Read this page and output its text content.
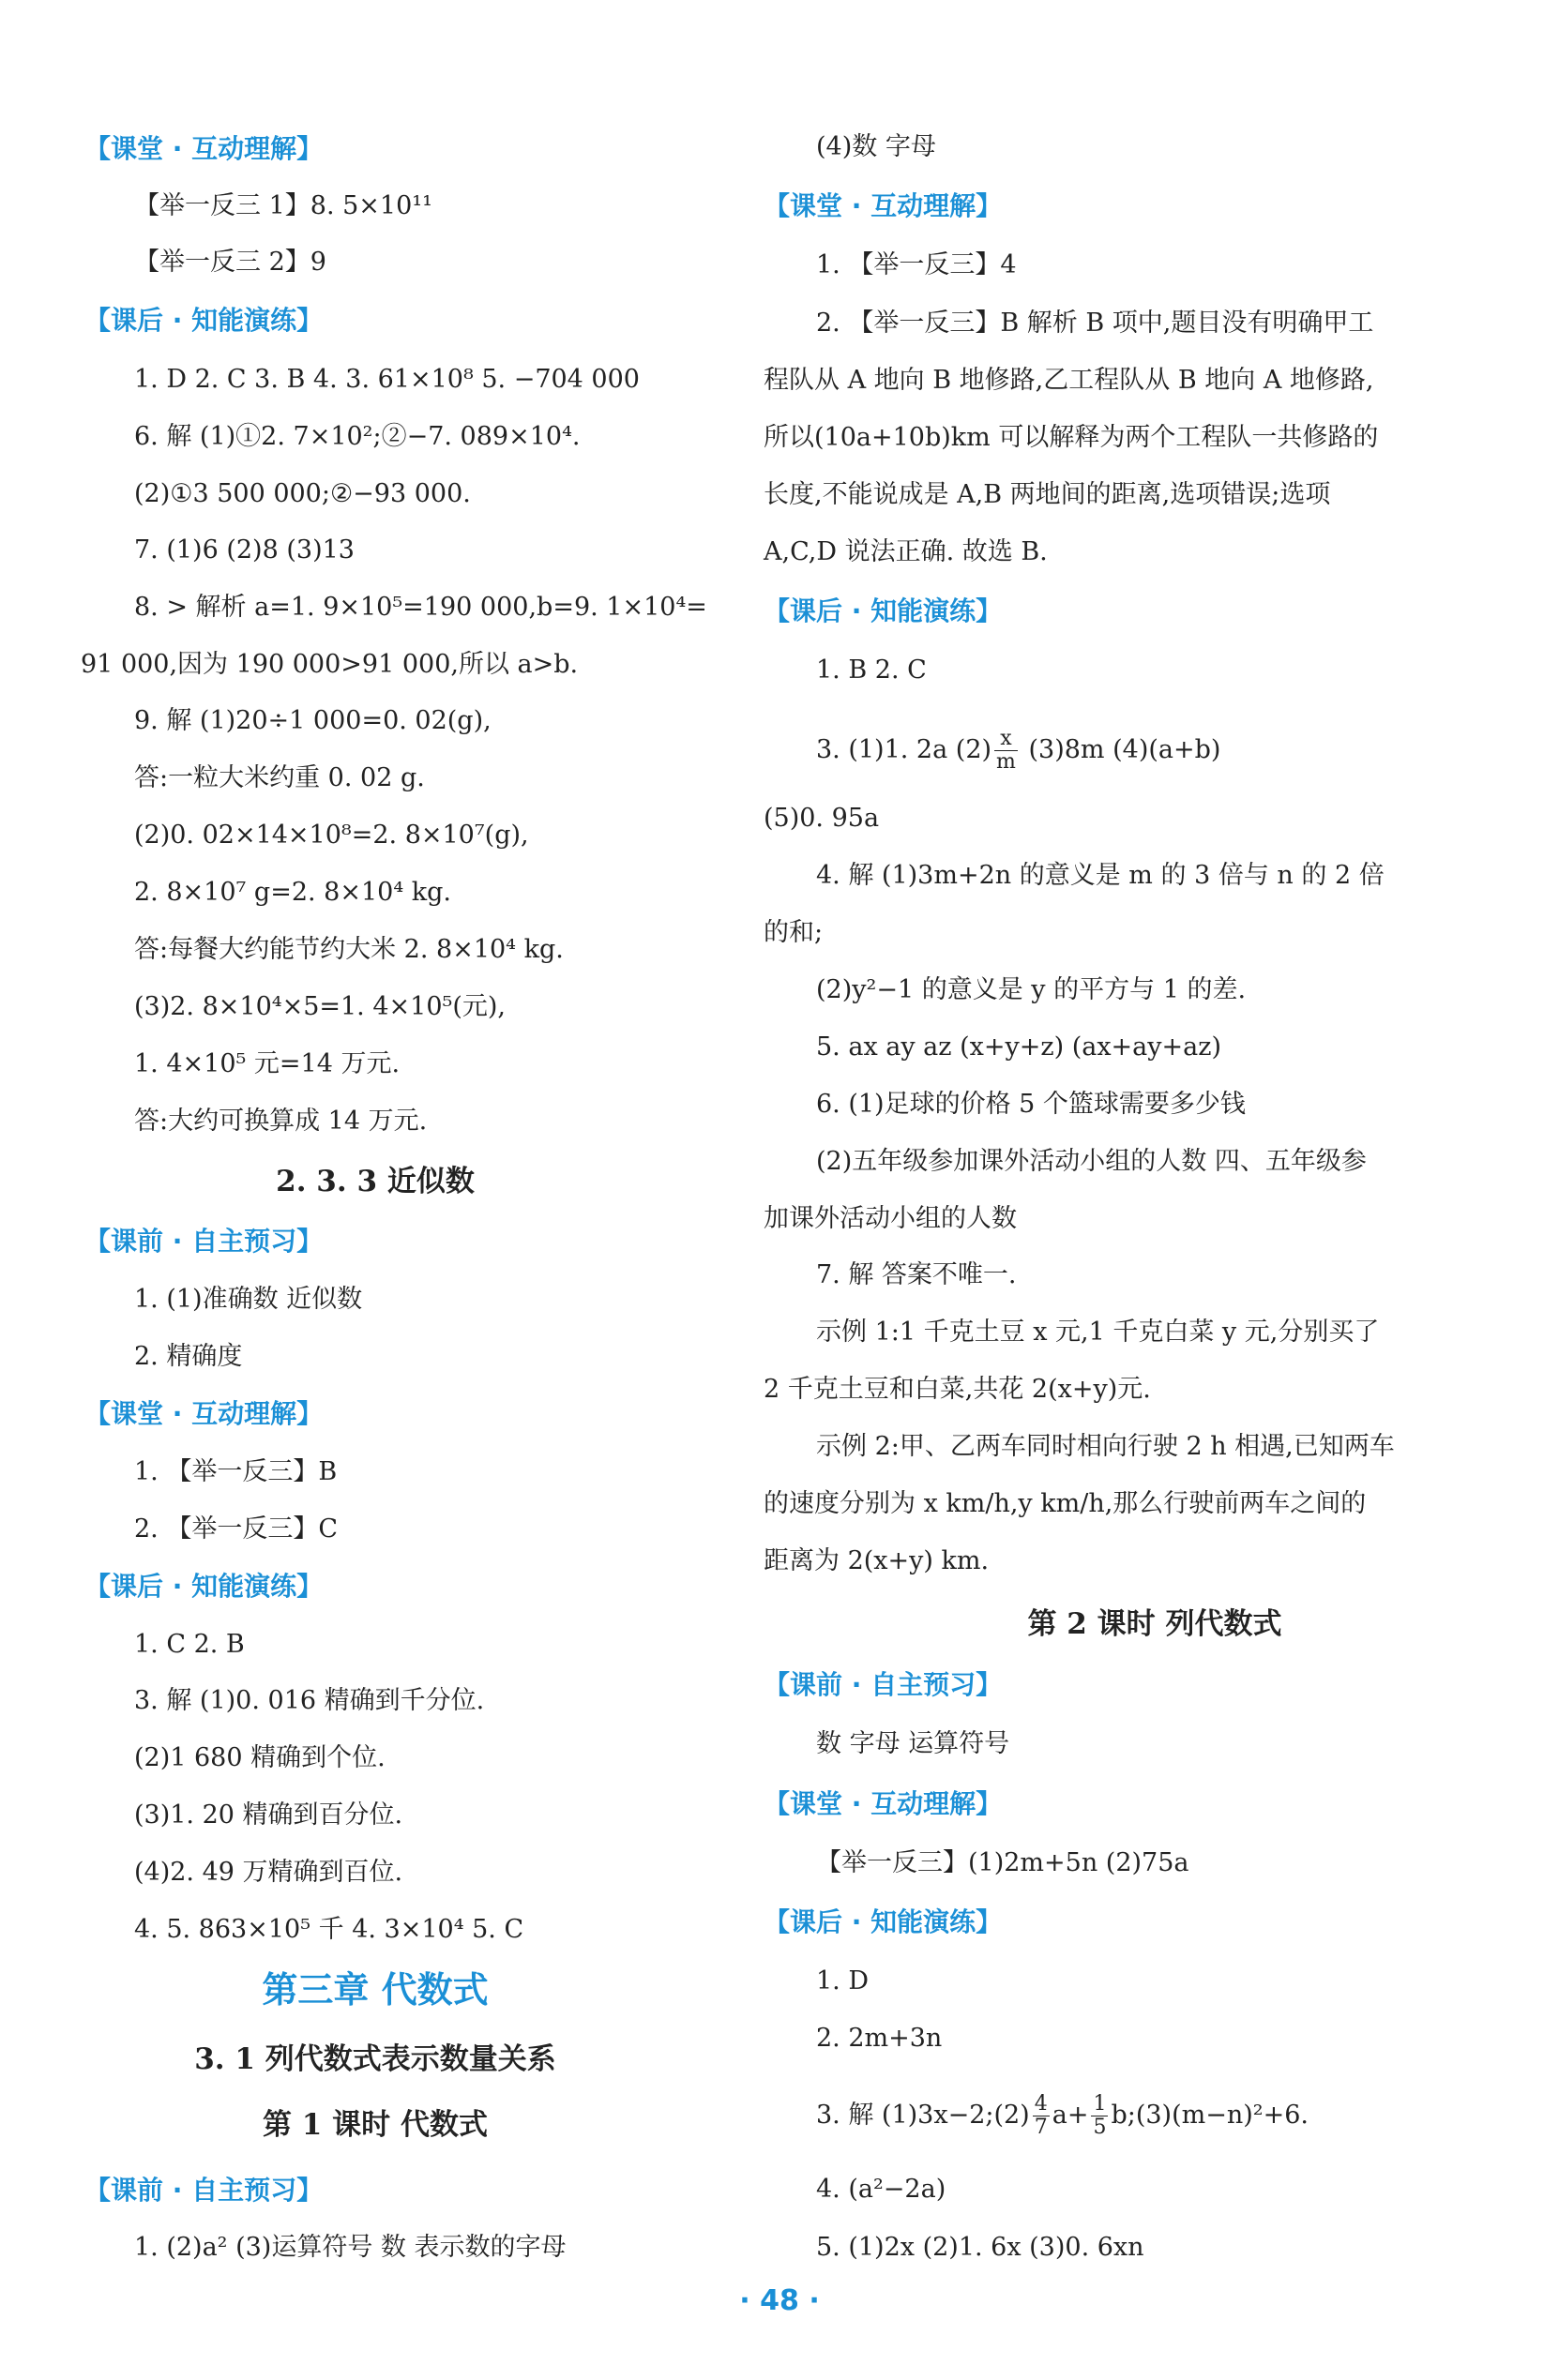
【课堂 · 互动理解】
【举一反三 1】8. 5×10¹¹
【举一反三 2】9
【课后 · 知能演练】
1. D 2. C 3. B 4. 3. 61×10⁸ 5. −704 000
6. 解 (1)①2. 7×10²;②−7. 089×10⁴.
(2)①3 500 000;②−93 000.
7. (1)6 (2)8 (3)13
8. > 解析 a=1. 9×10⁵=190 000,b=9. 1×10⁴=
91 000,因为 190 000>91 000,所以 a>b.
9. 解 (1)20÷1 000=0. 02(g),
答:一粒大米约重 0. 02 g.
(2)0. 02×14×10⁸=2. 8×10⁷(g),
2. 8×10⁷ g=2. 8×10⁴ kg.
答:每餐大约能节约大米 2. 8×10⁴ kg.
(3)2. 8×10⁴×5=1. 4×10⁵(元),
1. 4×10⁵ 元=14 万元.
答:大约可换算成 14 万元.
2. 3. 3 近似数
【课前 · 自主预习】
1. (1)准确数 近似数
2. 精确度
【课堂 · 互动理解】
1. 【举一反三】B
2. 【举一反三】C
【课后 · 知能演练】
1. C 2. B
3. 解 (1)0. 016 精确到千分位.
(2)1 680 精确到个位.
(3)1. 20 精确到百分位.
(4)2. 49 万精确到百位.
4. 5. 863×10⁵ 千 4. 3×10⁴ 5. C
第三章 代数式
3. 1 列代数式表示数量关系
第 1 课时 代数式
【课前 · 自主预习】
1. (2)a² (3)运算符号 数 表示数的字母
(4)数 字母
【课堂 · 互动理解】
1. 【举一反三】4
2. 【举一反三】B 解析 B 项中,题目没有明确甲工
程队从 A 地向 B 地修路,乙工程队从 B 地向 A 地修路,
所以(10a+10b)km 可以解释为两个工程队一共修路的
长度,不能说成是 A,B 两地间的距离,选项错误;选项
A,C,D 说法正确. 故选 B.
【课后 · 知能演练】
1. B 2. C
3. (1)1. 2a $(2) \frac{x}{m} (3)8m$ (4)(a+b)
(5)0. 95a
4. 解 (1)3m+2n 的意义是 m 的 3 倍与 n 的 2 倍
的和;
(2)y²−1 的意义是 y 的平方与 1 的差.
5. ax ay az (x+y+z) (ax+ay+az)
6. (1)足球的价格 5 个篮球需要多少钱
(2)五年级参加课外活动小组的人数 四、五年级参
加课外活动小组的人数
7. 解 答案不唯一.
示例 1:1 千克土豆 x 元,1 千克白菜 y 元,分别买了
2 千克土豆和白菜,共花 2(x+y)元.
示例 2:甲、乙两车同时相向行驶 2 h 相遇,已知两车
的速度分别为 x km/h,y km/h,那么行驶前两车之间的
距离为 2(x+y) km.
第 2 课时 列代数式
【课前 · 自主预习】
数 字母 运算符号
【课堂 · 互动理解】
【举一反三】(1)2m+5n (2)75a
【课后 · 知能演练】
1. D
2. 2m+3n
3. 解 (1)3x−2;(2) $\frac{4}{7} a+ \frac{1}{5}$ b;(3)(m−n)²+6.
4. (a²−2a)
5. (1)2x (2)1. 6x (3)0. 6xn
· 48 ·
